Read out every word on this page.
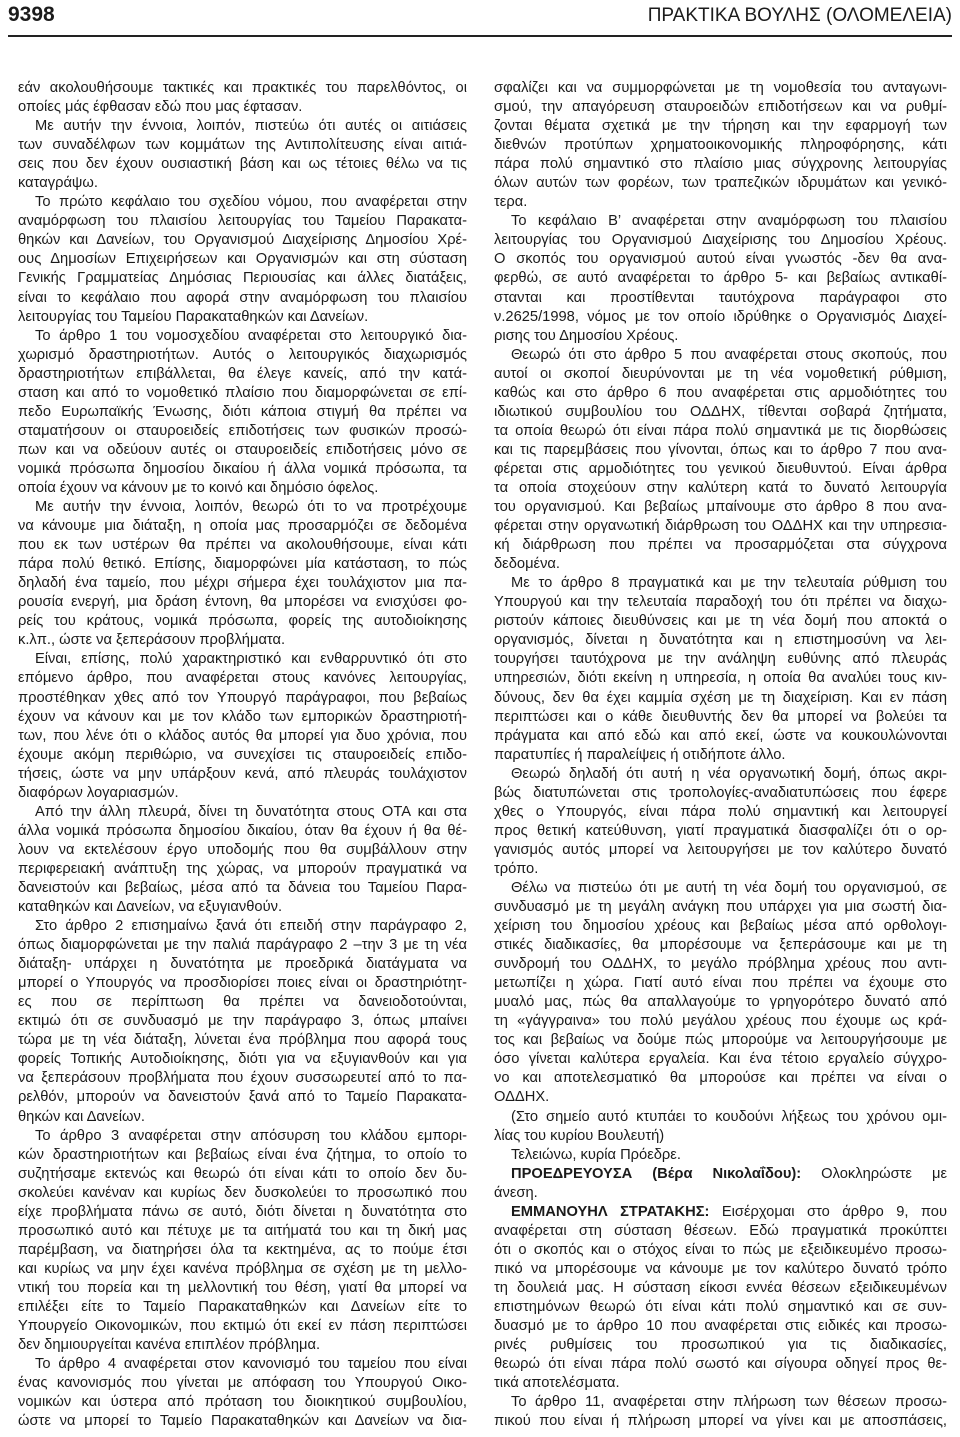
9398	ΠΡΑΚΤΙΚΑ ΒΟΥΛΗΣ (ΟΛΟΜΕΛΕΙΑ)
εάν ακολουθήσουμε τακτικές και πρακτικές του παρελθόντος, οι
οποίες μάς έφθασαν εδώ που μας έφτασαν.
Με αυτήν την έννοια, λοιπόν, πιστεύω ότι αυτές οι αιτιάσεις
των συναδέλφων των κομμάτων της Αντιπολίτευσης είναι αιτιά-
σεις που δεν έχουν ουσιαστική βάση και ως τέτοιες θέλω να τις
καταγράψω.
Το πρώτο κεφάλαιο του σχεδίου νόμου, που αναφέρεται στην
αναμόρφωση του πλαισίου λειτουργίας του Ταμείου Παρακατα-
θηκών και Δανείων, του Οργανισμού Διαχείρισης Δημοσίου Χρέ-
ους Δημοσίων Επιχειρήσεων και Οργανισμών και στη σύσταση
Γενικής Γραμματείας Δημόσιας Περιουσίας και άλλες διατάξεις,
είναι το κεφάλαιο που αφορά στην αναμόρφωση του πλαισίου
λειτουργίας του Ταμείου Παρακαταθηκών και Δανείων.
Το άρθρο 1 του νομοσχεδίου αναφέρεται στο λειτουργικό δια-
χωρισμό δραστηριοτήτων. Αυτός ο λειτουργικός διαχωρισμός
δραστηριοτήτων επιβάλλεται, θα έλεγε κανείς, από την κατά-
σταση και από το νομοθετικό πλαίσιο που διαμορφώνεται σε επί-
πεδο Ευρωπαϊκής Ένωσης, διότι κάποια στιγμή θα πρέπει να
σταματήσουν οι σταυροειδείς επιδοτήσεις των φυσικών προσώ-
πων και να οδεύουν αυτές οι σταυροειδείς επιδοτήσεις μόνο σε
νομικά πρόσωπα δημοσίου δικαίου ή άλλα νομικά πρόσωπα, τα
οποία έχουν να κάνουν με το κοινό και δημόσιο όφελος.
Με αυτήν την έννοια, λοιπόν, θεωρώ ότι το να προτρέχουμε
να κάνουμε μια διάταξη, η οποία μας προσαρμόζει σε δεδομένα
που εκ των υστέρων θα πρέπει να ακολουθήσουμε, είναι κάτι
πάρα πολύ θετικό. Επίσης, διαμορφώνει μία κατάσταση, το πώς
δηλαδή ένα ταμείο, που μέχρι σήμερα έχει τουλάχιστον μια πα-
ρουσία ενεργή, μια δράση έντονη, θα μπορέσει να ενισχύσει φο-
ρείς του κράτους, νομικά πρόσωπα, φορείς της αυτοδιοίκησης
κ.λπ., ώστε να ξεπεράσουν προβλήματα.
Είναι, επίσης, πολύ χαρακτηριστικό και ενθαρρυντικό ότι στο
επόμενο άρθρο, που αναφέρεται στους κανόνες λειτουργίας,
προστέθηκαν χθες από τον Υπουργό παράγραφοι, που βεβαίως
έχουν να κάνουν και με τον κλάδο των εμπορικών δραστηριοτή-
των, που λένε ότι ο κλάδος αυτός θα μπορεί για δυο χρόνια, που
έχουμε ακόμη περιθώριο, να συνεχίσει τις σταυροειδείς επιδο-
τήσεις, ώστε να μην υπάρξουν κενά, από πλευράς τουλάχιστον
διαφόρων λογαριασμών.
Από την άλλη πλευρά, δίνει τη δυνατότητα στους ΟΤΑ και στα
άλλα νομικά πρόσωπα δημοσίου δικαίου, όταν θα έχουν ή θα θέ-
λουν να εκτελέσουν έργο υποδομής που θα συμβάλλουν στην
περιφερειακή ανάπτυξη της χώρας, να μπορούν πραγματικά να
δανειστούν και βεβαίως, μέσα από τα δάνεια του Ταμείου Παρα-
καταθηκών και Δανείων, να εξυγιανθούν.
Στο άρθρο 2 επισημαίνω ξανά ότι επειδή στην παράγραφο 2,
όπως διαμορφώνεται με την παλιά παράγραφο 2 –την 3 με τη νέα
διάταξη- υπάρχει η δυνατότητα με προεδρικά διατάγματα να
μπορεί ο Υπουργός να προσδιορίσει ποιες είναι οι δραστηριότητ-
ες που σε περίπτωση θα πρέπει να δανειοδοτούνται,
εκτιμώ ότι σε συνδυασμό με την παράγραφο 3, όπως μπαίνει
τώρα με τη νέα διάταξη, λύνεται ένα πρόβλημα που αφορά τους
φορείς Τοπικής Αυτοδιοίκησης, διότι για να εξυγιανθούν και για
να ξεπεράσουν προβλήματα που έχουν συσσωρευτεί από το πα-
ρελθόν, μπορούν να δανειστούν ξανά από το Ταμείο Παρακατα-
θηκών και Δανείων.
Το άρθρο 3 αναφέρεται στην απόσυρση του κλάδου εμπορι-
κών δραστηριοτήτων και βεβαίως είναι ένα ζήτημα, το οποίο το
συζητήσαμε εκτενώς και θεωρώ ότι είναι κάτι το οποίο δεν δυ-
σκολεύει κανέναν και κυρίως δεν δυσκολεύει το προσωπικό που
είχε προβλήματα πάνω σε αυτό, διότι δίνεται η δυνατότητα στο
προσωπικό αυτό και πέτυχε με τα αιτήματά του και τη δική μας
παρέμβαση, να διατηρήσει όλα τα κεκτημένα, ας το πούμε έτσι
και κυρίως να μην έχει κανένα πρόβλημα σε σχέση με τη μελλο-
ντική του πορεία και τη μελλοντική του θέση, γιατί θα μπορεί να
επιλέξει είτε το Ταμείο Παρακαταθηκών και Δανείων είτε το
Υπουργείο Οικονομικών, που εκτιμώ ότι εκεί εν πάση περιπτώσει
δεν δημιουργείται κανένα επιπλέον πρόβλημα.
Το άρθρο 4 αναφέρεται στον κανονισμό του ταμείου που είναι
ένας κανονισμός που γίνεται με απόφαση του Υπουργού Οικο-
νομικών και ύστερα από πρόταση του διοικητικού συμβουλίου,
ώστε να μπορεί το Ταμείο Παρακαταθηκών και Δανείων να δια-
σφαλίζει και να συμμορφώνεται με τη νομοθεσία του ανταγωνι-
σμού, την απαγόρευση σταυροειδών επιδοτήσεων και να ρυθμί-
ζονται θέματα σχετικά με την τήρηση και την εφαρμογή των
διεθνών προτύπων χρηματοοικονομικής πληροφόρησης, κάτι
πάρα πολύ σημαντικό στο πλαίσιο μιας σύγχρονης λειτουργίας
όλων αυτών των φορέων, των τραπεζικών ιδρυμάτων και γενικό-
τερα.
Το κεφάλαιο Β’ αναφέρεται στην αναμόρφωση του πλαισίου
λειτουργίας του Οργανισμού Διαχείρισης του Δημοσίου Χρέους.
Ο σκοπός του οργανισμού αυτού είναι γνωστός -δεν θα ανα-
φερθώ, σε αυτό αναφέρεται το άρθρο 5- και βεβαίως αντικαθί-
στανται και προστίθενται ταυτόχρονα παράγραφοι στο
ν.2625/1998, νόμος με τον οποίο ιδρύθηκε ο Οργανισμός Διαχεί-
ρισης του Δημοσίου Χρέους.
Θεωρώ ότι στο άρθρο 5 που αναφέρεται στους σκοπούς, που
αυτοί οι σκοποί διευρύνονται με τη νέα νομοθετική ρύθμιση,
καθώς και στο άρθρο 6 που αναφέρεται στις αρμοδιότητες του
ιδιωτικού συμβουλίου του ΟΔΔΗΧ, τίθενται σοβαρά ζητήματα,
τα οποία θεωρώ ότι είναι πάρα πολύ σημαντικά με τις διορθώσεις
και τις παρεμβάσεις που γίνονται, όπως και το άρθρο 7 που ανα-
φέρεται στις αρμοδιότητες του γενικού διευθυντού. Είναι άρθρα
τα οποία στοχεύουν στην καλύτερη κατά το δυνατό λειτουργία
του οργανισμού. Και βεβαίως μπαίνουμε στο άρθρο 8 που ανα-
φέρεται στην οργανωτική διάρθρωση του ΟΔΔΗΧ και την υπηρεσια-
κή διάρθρωση που πρέπει να προσαρμόζεται στα σύγχρονα
δεδομένα.
Με το άρθρο 8 πραγματικά και με την τελευταία ρύθμιση του
Υπουργού και την τελευταία παραδοχή του ότι πρέπει να διαχω-
ριστούν κάποιες διευθύνσεις και με τη νέα δομή που αποκτά ο
οργανισμός, δίνεται η δυνατότητα και η επιστημοσύνη να λει-
τουργήσει ταυτόχρονα με την ανάληψη ευθύνης από πλευράς
υπηρεσιών, διότι εκείνη η υπηρεσία, η οποία θα αναλύει τους κιν-
δύνους, δεν θα έχει καμμία σχέση με τη διαχείριση. Και εν πάση
περιπτώσει και ο κάθε διευθυντής δεν θα μπορεί να βολεύει τα
πράγματα και από εδώ και από εκεί, ώστε να κουκουλώνονται
παρατυπίες ή παραλείψεις ή οτιδήποτε άλλο.
Θεωρώ δηλαδή ότι αυτή η νέα οργανωτική δομή, όπως ακρι-
βώς διατυπώνεται στις τροπολογίες-αναδιατυπώσεις που έφερε
χθες ο Υπουργός, είναι πάρα πολύ σημαντική και λειτουργεί
προς θετική κατεύθυνση, γιατί πραγματικά διασφαλίζει ότι ο ορ-
γανισμός αυτός μπορεί να λειτουργήσει με τον καλύτερο δυνατό
τρόπο.
Θέλω να πιστεύω ότι με αυτή τη νέα δομή του οργανισμού, σε
συνδυασμό με τη μεγάλη ανάγκη που υπάρχει για μια σωστή δια-
χείριση του δημοσίου χρέους και βεβαίως μέσα από ορθολογι-
στικές διαδικασίες, θα μπορέσουμε να ξεπεράσουμε και με τη
συνδρομή του ΟΔΔΗΧ, το μεγάλο πρόβλημα χρέους που αντι-
μετωπίζει η χώρα. Γιατί αυτό είναι που πρέπει να έχουμε στο
μυαλό μας, πώς θα απαλλαγούμε το γρηγορότερο δυνατό από
τη «γάγγραινα» του πολύ μεγάλου χρέους που έχουμε ως κρά-
τος και βεβαίως να δούμε πώς μπορούμε να λειτουργήσουμε με
όσο γίνεται καλύτερα εργαλεία. Και ένα τέτοιο εργαλείο σύγχρο-
νο και αποτελεσματικό θα μπορούσε και πρέπει να είναι ο
ΟΔΔΗΧ.
(Στο σημείο αυτό κτυπάει το κουδούνι λήξεως του χρόνου ομι-
λίας του κυρίου Βουλευτή)
Τελειώνω, κυρία Πρόεδρε.
ΠΡΟΕΔΡΕΥΟΥΣΑ (Βέρα Νικολαΐδου): Ολοκληρώστε με
άνεση.
ΕΜΜΑΝΟΥΗΛ ΣΤΡΑΤΑΚΗΣ: Εισέρχομαι στο άρθρο 9, που
αναφέρεται στη σύσταση θέσεων. Εδώ πραγματικά προκύπτει
ότι ο σκοπός και ο στόχος είναι το πώς με εξειδικευμένο προσω-
πικό να μπορέσουμε να κάνουμε με τον καλύτερο δυνατό τρόπο
τη δουλειά μας. Η σύσταση είκοσι εννέα θέσεων εξειδικευμένων
επιστημόνων θεωρώ ότι είναι κάτι πολύ σημαντικό και σε συν-
δυασμό με το άρθρο 10 που αναφέρεται στις ειδικές και προσω-
ρινές ρυθμίσεις του προσωπικού για τις διαδικασίες,
θεωρώ ότι είναι πάρα πολύ σωστό και σίγουρα οδηγεί προς θε-
τικά αποτελέσματα.
Το άρθρο 11, αναφέρεται στην πλήρωση των θέσεων προσω-
πικού που είναι ή πλήρωση μπορεί να γίνει και με αποσπάσεις,
